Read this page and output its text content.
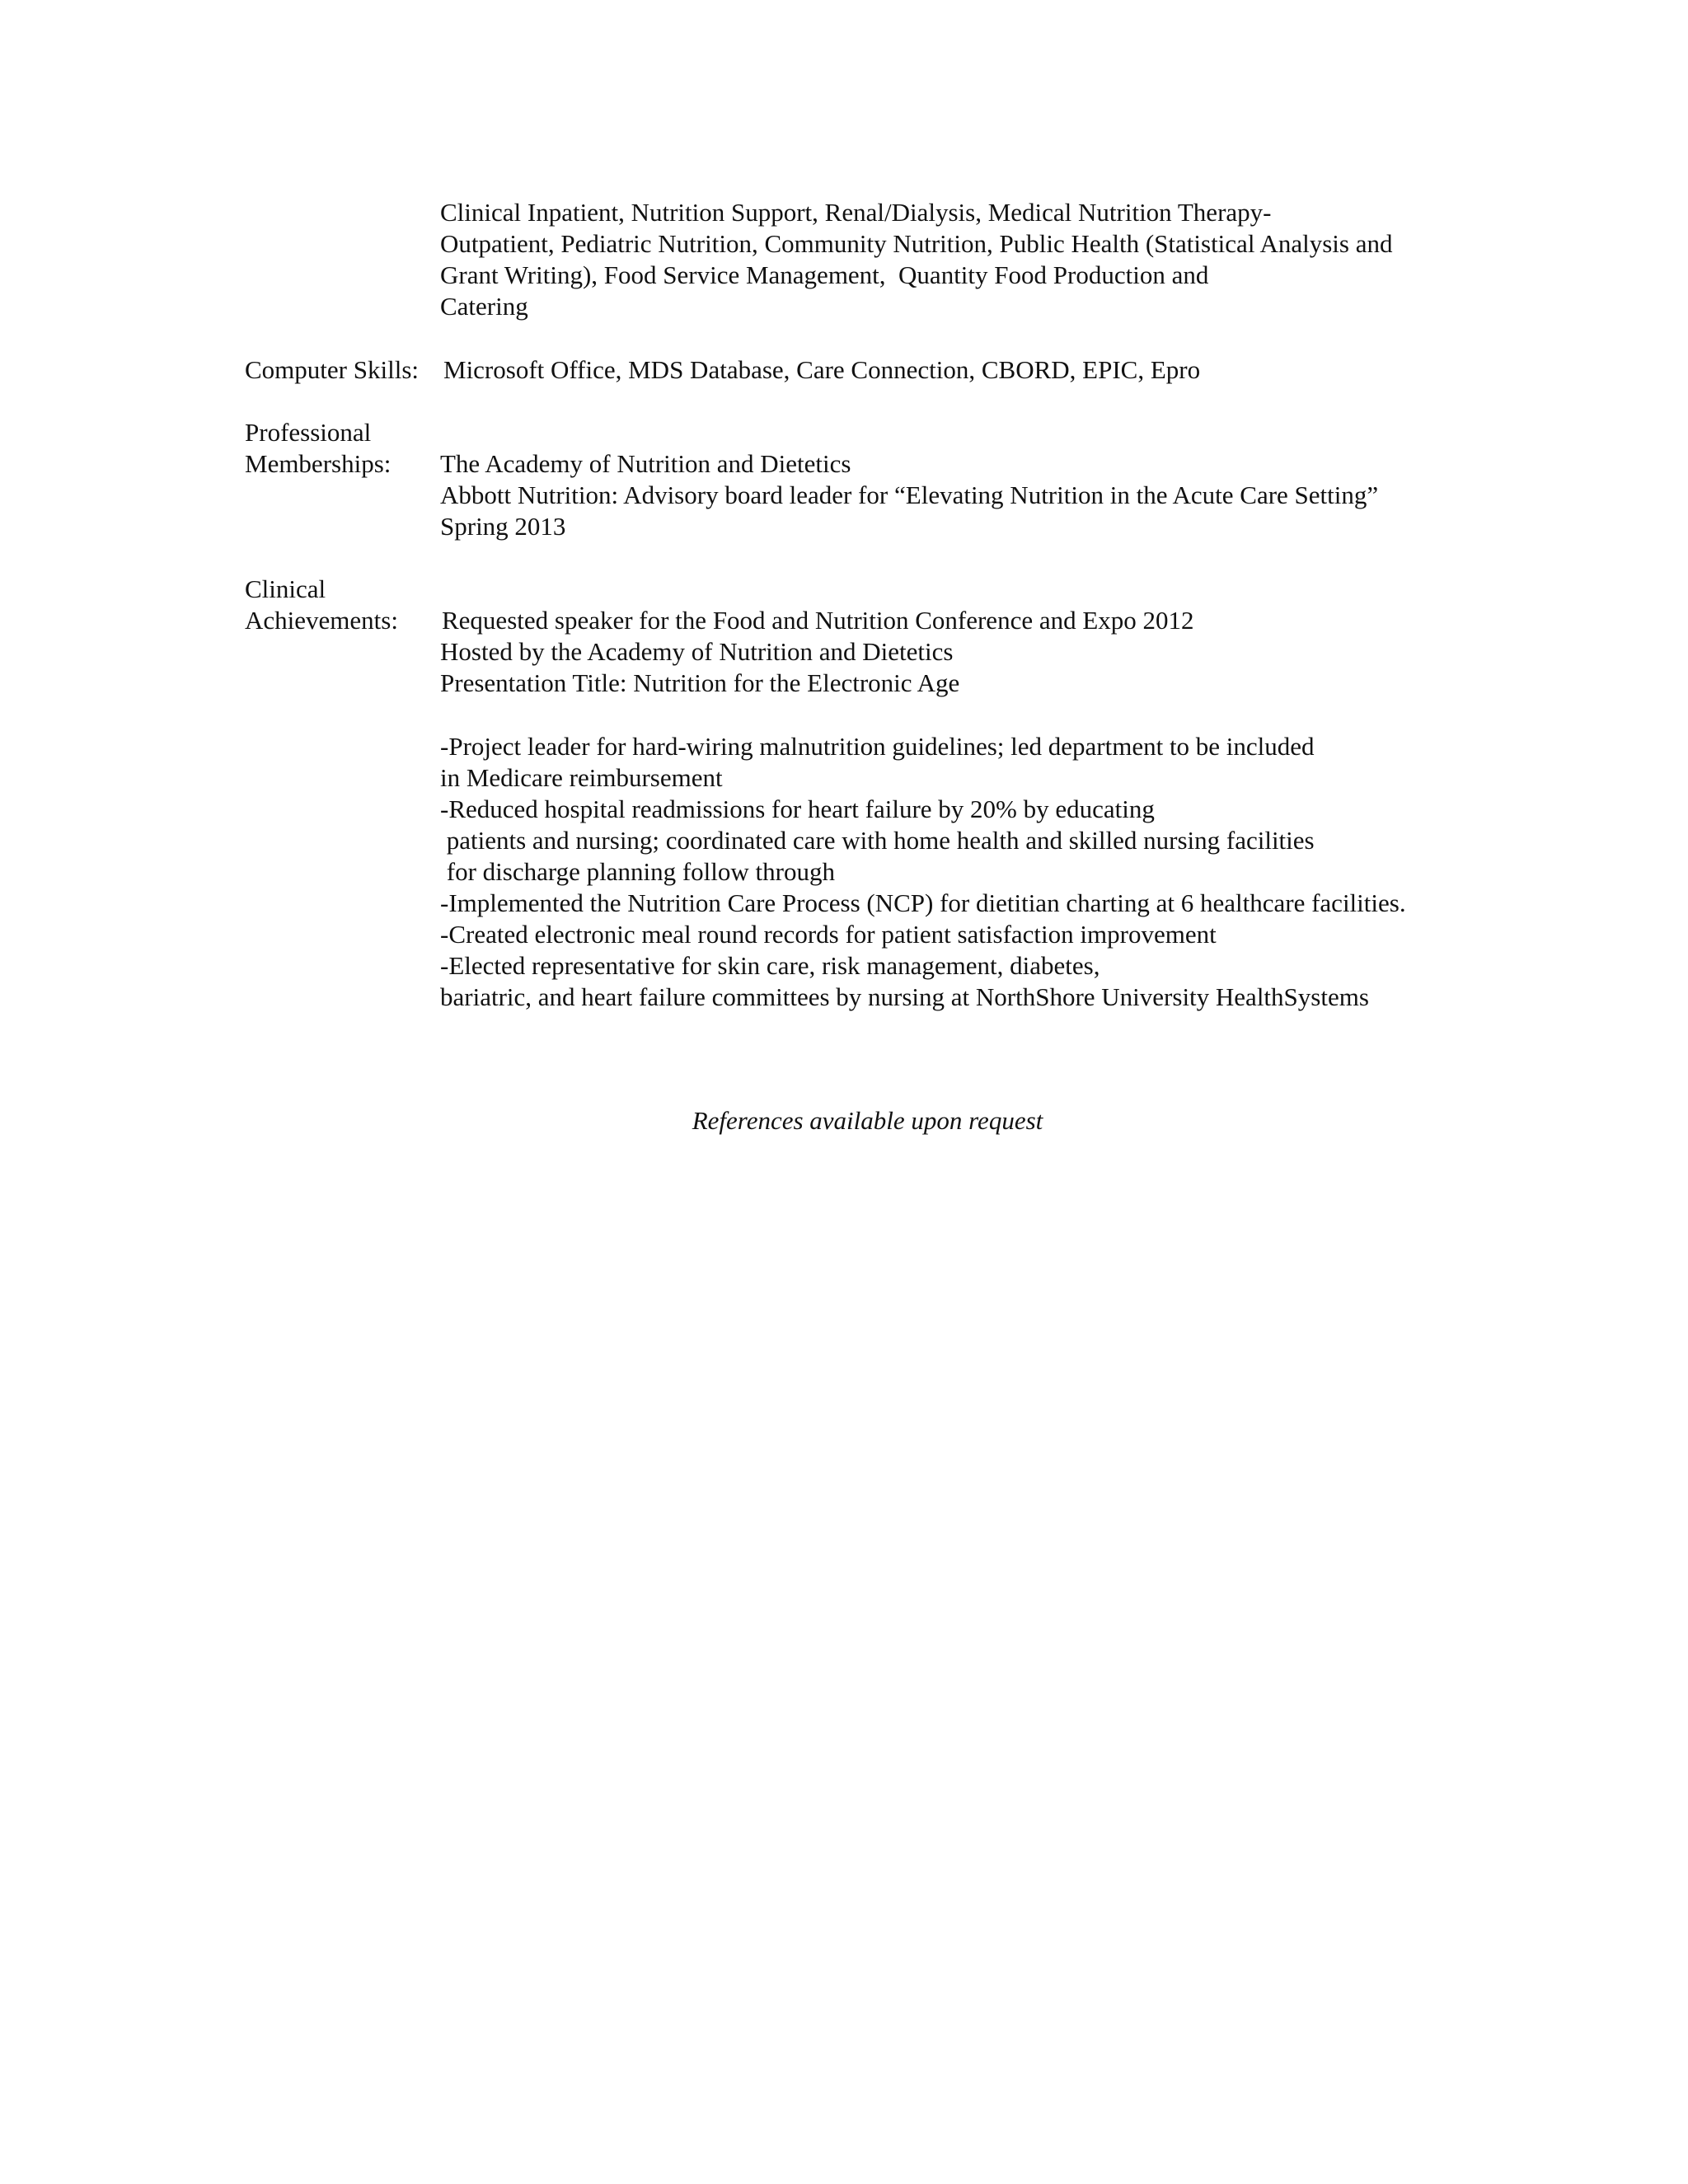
Clinical Inpatient, Nutrition Support, Renal/Dialysis, Medical Nutrition Therapy-
Outpatient, Pediatric Nutrition, Community Nutrition, Public Health (Statistical Analysis and
Grant Writing), Food Service Management,  Quantity Food Production and
Catering
Computer Skills: Microsoft Office, MDS Database, Care Connection, CBORD, EPIC, Epro
Professional
Memberships: The Academy of Nutrition and Dietetics
Abbott Nutrition: Advisory board leader for “Elevating Nutrition in the Acute Care Setting”
Spring 2013
Clinical
Achievements: Requested speaker for the Food and Nutrition Conference and Expo 2012
Hosted by the Academy of Nutrition and Dietetics
Presentation Title: Nutrition for the Electronic Age
-Project leader for hard-wiring malnutrition guidelines; led department to be included
in Medicare reimbursement
-Reduced hospital readmissions for heart failure by 20% by educating
patients and nursing; coordinated care with home health and skilled nursing facilities
for discharge planning follow through
-Implemented the Nutrition Care Process (NCP) for dietitian charting at 6 healthcare facilities.
-Created electronic meal round records for patient satisfaction improvement
-Elected representative for skin care, risk management, diabetes,
bariatric, and heart failure committees by nursing at NorthShore University HealthSystems
References available upon request
